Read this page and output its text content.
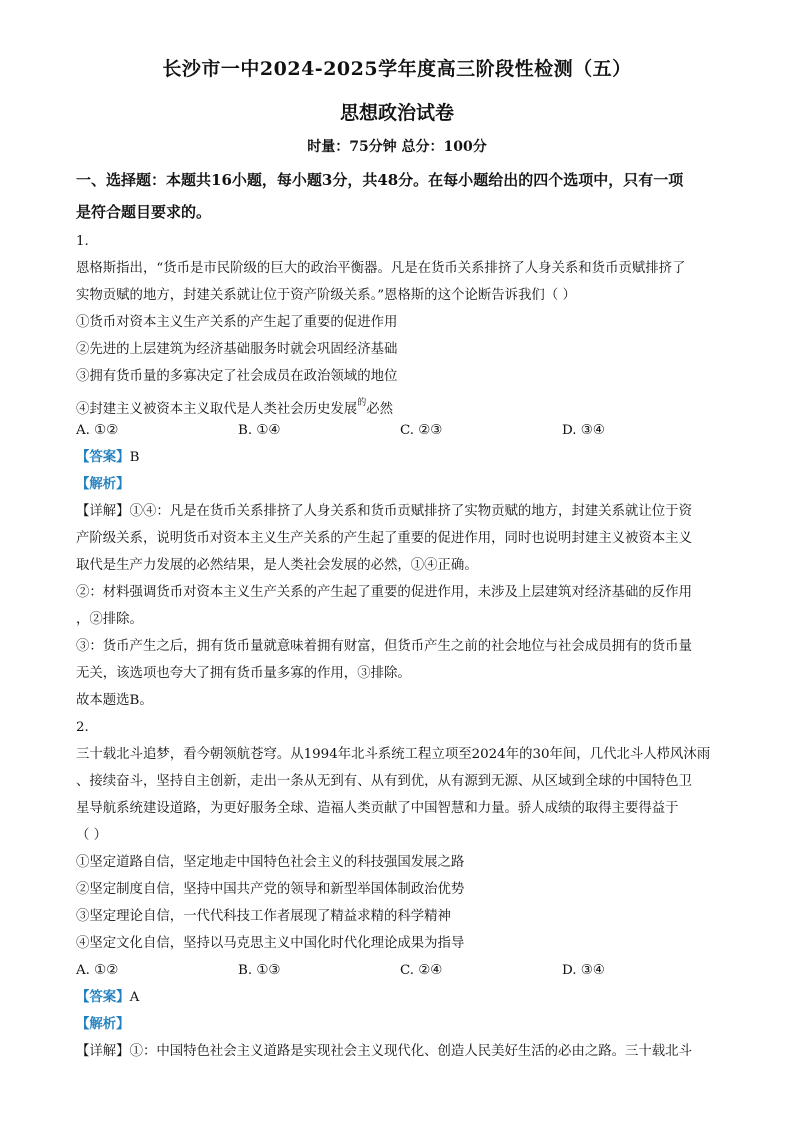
长沙市一中2024-2025学年度高三阶段性检测（五）
思想政治试卷
时量：75分钟 总分：100分
一、选择题：本题共16小题，每小题3分，共48分。在每小题给出的四个选项中，只有一项
是符合题目要求的。
1.
恩格斯指出，“货币是市民阶级的巨大的政治平衡器。凡是在货币关系排挤了人身关系和货币贡赋排挤了
实物贡赋的地方，封建关系就让位于资产阶级关系。”恩格斯的这个论断告诉我们（ ）
①货币对资本主义生产关系的产生起了重要的促进作用
②先进的上层建筑为经济基础服务时就会巩固经济基础
③拥有货币量的多寡决定了社会成员在政治领域的地位
④封建主义被资本主义取代是人类社会历史发展$^的$必然
A. ①②	B. ①④	C. ②③	D. ③④
【答案】B
【解析】
【详解】①④：凡是在货币关系排挤了人身关系和货币贡赋排挤了实物贡赋的地方，封建关系就让位于资
产阶级关系，说明货币对资本主义生产关系的产生起了重要的促进作用，同时也说明封建主义被资本主义
取代是生产力发展的必然结果，是人类社会发展的必然，①④正确。
②：材料强调货币对资本主义生产关系的产生起了重要的促进作用，未涉及上层建筑对经济基础的反作用
，②排除。
③：货币产生之后，拥有货币量就意味着拥有财富，但货币产生之前的社会地位与社会成员拥有的货币量
无关，该选项也夸大了拥有货币量多寡的作用，③排除。
故本题选B。
2.
三十载北斗追梦，看今朝领航苍穹。从1994年北斗系统工程立项至2024年的30年间，几代北斗人栉风沐雨
、接续奋斗，坚持自主创新，走出一条从无到有、从有到优，从有源到无源、从区域到全球的中国特色卫
星导航系统建设道路，为更好服务全球、造福人类贡献了中国智慧和力量。骄人成绩的取得主要得益于
（ ）
①坚定道路自信，坚定地走中国特色社会主义的科技强国发展之路
②坚定制度自信，坚持中国共产党的领导和新型举国体制政治优势
③坚定理论自信，一代代科技工作者展现了精益求精的科学精神
④坚定文化自信，坚持以马克思主义中国化时代化理论成果为指导
A. ①②	B. ①③	C. ②④	D. ③④
【答案】A
【解析】
【详解】①：中国特色社会主义道路是实现社会主义现代化、创造人民美好生活的必由之路。三十载北斗
